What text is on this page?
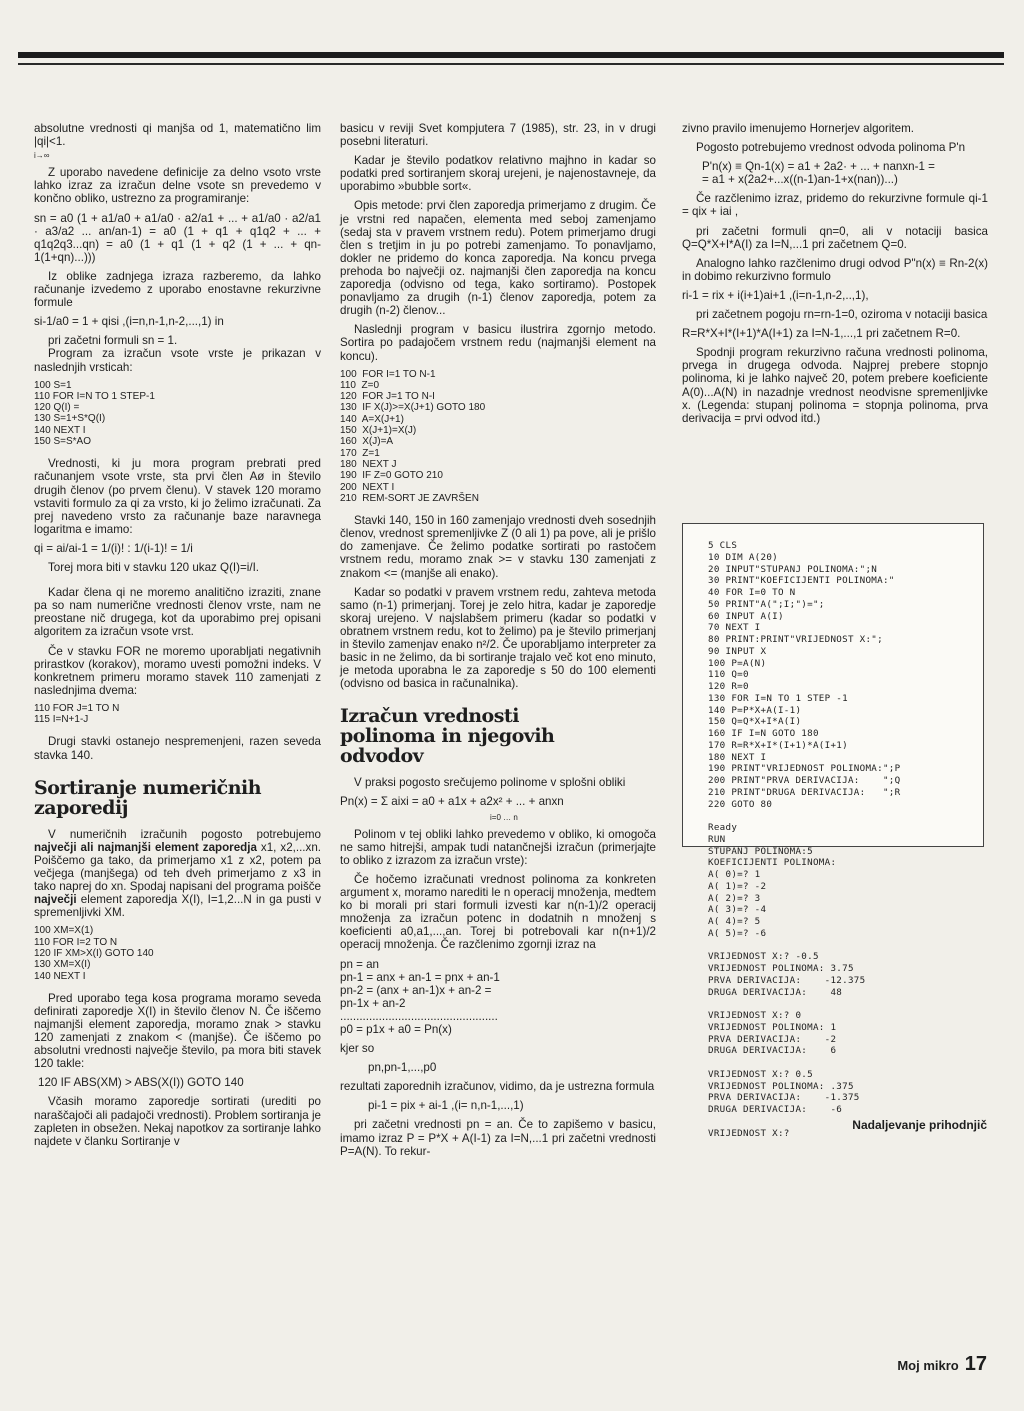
absolutne vrednosti qi manjša od 1, matematično lim |qi|<1.

i→∞

Z uporabo navedene definicije za delno vsoto vrste lahko izraz za izračun delne vsote sn prevedemo v končno obliko, ustrezno za programiranje:

sn = a0 (1 + a1/a0 + a1/a0 · a2/a1 + ... + a1/a0 · a2/a1 · a3/a2 ... an/an-1) = a0 (1 + q1 + q1q2 + ... + q1q2q3...qn) = a0 (1 + q1 (1 + q2 (1 + ... + qn-1(1+qn)...)))

Iz oblike zadnjega izraza razberemo, da lahko računanje izvedemo z uporabo enostavne rekurzivne formule

si-1/a0 = 1 + qisi ,(i=n,n-1,n-2,...,1) in

pri začetni formuli sn = 1.

Program za izračun vsote vrste je prikazan v naslednjih vrsticah:

100 S=1
110 FOR I=N TO 1 STEP-1
120 Q(I) =
130 S=1+S*Q(I)
140 NEXT I
150 S=S*AO

Vrednosti, ki ju mora program prebrati pred računanjem vsote vrste, sta prvi člen Aø in število drugih členov (po prvem členu). V stavek 120 moramo vstaviti formulo za qi za vrsto, ki jo želimo izračunati. Za prej navedeno vrsto za računanje baze naravnega logaritma e imamo:

qi = ai/ai-1 = 1/(i)! : 1/(i-1)! = 1/i

Torej mora biti v stavku 120 ukaz Q(I)=i/I.

Kadar člena qi ne moremo analitično izraziti, znane pa so nam numerične vrednosti členov vrste, nam ne preostane nič drugega, kot da uporabimo prej opisani algoritem za izračun vsote vrst.

Če v stavku FOR ne moremo uporabljati negativnih prirastkov (korakov), moramo uvesti pomožni indeks. V konkretnem primeru moramo stavek 110 zamenjati z naslednjima dvema:

110 FOR J=1 TO N
115 I=N+1-J

Drugi stavki ostanejo nespremenjeni, razen seveda stavka 140.

Sortiranje numeričnih zaporedij

V numeričnih izračunih pogosto potrebujemo največji ali najmanjši element zaporedja x1, x2,...xn. Poiščemo ga tako, da primerjamo x1 z x2, potem pa večjega (manjšega) od teh dveh primerjamo z x3 in tako naprej do xn. Spodaj napisani del programa poišče največji element zaporedja X(I), I=1,2...N in ga pusti v spremenljivki XM.

100 XM=X(1)
110 FOR I=2 TO N
120 IF XM>X(I) GOTO 140
130 XM=X(I)
140 NEXT I

Pred uporabo tega kosa programa moramo seveda definirati zaporedje X(I) in število členov N. Če iščemo najmanjši element zaporedja, moramo znak > stavku 120 zamenjati z znakom < (manjše). Če iščemo po absolutni vrednosti največje število, pa mora biti stavek 120 takle:

120 IF ABS(XM) > ABS(X(I)) GOTO 140

Včasih moramo zaporedje sortirati (urediti po naraščajoči ali padajoči vrednosti). Problem sortiranja je zapleten in obsežen. Nekaj napotkov za sortiranje lahko najdete v članku Sortiranje v

basicu v reviji Svet kompjutera 7 (1985), str. 23, in v drugi posebni literaturi.

Kadar je število podatkov relativno majhno in kadar so podatki pred sortiranjem skoraj urejeni, je najenostavneje, da uporabimo »bubble sort«.

Opis metode: prvi člen zaporedja primerjamo z drugim. Če je vrstni red napačen, elementa med seboj zamenjamo (sedaj sta v pravem vrstnem redu). Potem primerjamo drugi člen s tretjim in ju po potrebi zamenjamo. To ponavljamo, dokler ne pridemo do konca zaporedja. Na koncu prvega prehoda bo največji oz. najmanjši člen zaporedja na koncu zaporedja (odvisno od tega, kako sortiramo). Postopek ponavljamo za drugih (n-1) členov zaporedja, potem za drugih (n-2) členov...

Naslednji program v basicu ilustrira zgornjo metodo. Sortira po padajočem vrstnem redu (najmanjši element na koncu).

100  FOR I=1 TO N-1
110  Z=0
120  FOR J=1 TO N-I
130  IF X(J)>=X(J+1) GOTO 180
140  A=X(J+1)
150  X(J+1)=X(J)
160  X(J)=A
170  Z=1
180  NEXT J
190  IF Z=0 GOTO 210
200  NEXT I
210  REM-SORT JE ZAVRŠEN

Stavki 140, 150 in 160 zamenjajo vrednosti dveh sosednjih členov, vrednost spremenljivke Z (0 ali 1) pa pove, ali je prišlo do zamenjave. Če želimo podatke sortirati po rastočem vrstnem redu, moramo znak >= v stavku 130 zamenjati z znakom <= (manjše ali enako).

Kadar so podatki v pravem vrstnem redu, zahteva metoda samo (n-1) primerjanj. Torej je zelo hitra, kadar je zaporedje skoraj urejeno. V najslabšem primeru (kadar so podatki v obratnem vrstnem redu, kot to želimo) pa je število primerjanj in število zamenjav enako n²/2. Če uporabljamo interpreter za basic in ne želimo, da bi sortiranje trajalo več kot eno minuto, je metoda uporabna le za zaporedje s 50 do 100 elementi (odvisno od basica in računalnika).

Izračun vrednosti polinoma in njegovih odvodov

V praksi pogosto srečujemo polinome v splošni obliki

Pn(x) = Σ aixi = a0 + a1x + a2x² + ... + anxn

i=0 … n

Polinom v tej obliki lahko prevedemo v obliko, ki omogoča ne samo hitrejši, ampak tudi natančnejši izračun (primerjajte to obliko z izrazom za izračun vrste):

Če hočemo izračunati vrednost polinoma za konkreten argument x, moramo narediti le n operacij množenja, medtem ko bi morali pri stari formuli izvesti kar n(n-1)/2 operacij množenja za izračun potenc in dodatnih n množenj s koeficienti a0,a1,...,an. Torej bi potrebovali kar n(n+1)/2 operacij množenja. Če razčlenimo zgornji izraz na

pn = an
pn-1 = anx + an-1 = pnx + an-1
pn-2 = (anx + an-1)x + an-2 =
pn-1x + an-2
.................................................
p0 = p1x + a0 = Pn(x)

kjer so

pn,pn-1,...,p0

rezultati zaporednih izračunov, vidimo, da je ustrezna formula

pi-1 = pix + ai-1 ,(i= n,n-1,...,1)

pri začetni vrednosti pn = an. Če to zapišemo v basicu, imamo izraz P = P*X + A(I-1) za I=N,...1 pri začetni vrednosti P=A(N). To rekur-

zivno pravilo imenujemo Hornerjev algoritem.

Pogosto potrebujemo vrednost odvoda polinoma P'n

P'n(x) ≡ Qn-1(x) = a1 + 2a2· + ... + nanxn-1 =
= a1 + x(2a2+...x((n-1)an-1+x(nan))...)

Če razčlenimo izraz, pridemo do rekurzivne formule qi-1 = qix + iai ,

pri začetni formuli qn=0, ali v notaciji basica Q=Q*X+I*A(I) za I=N,...1 pri začetnem Q=0.

Analogno lahko razčlenimo drugi odvod P"n(x) ≡ Rn-2(x) in dobimo rekurzivno formulo

ri-1 = rix + i(i+1)ai+1 ,(i=n-1,n-2,..,1),

pri začetnem pogoju rn=rn-1=0, oziroma v notaciji basica

R=R*X+I*(I+1)*A(I+1) za I=N-1,...,1 pri začetnem R=0.

Spodnji program rekurzivno računa vrednosti polinoma, prvega in drugega odvoda. Najprej prebere stopnjo polinoma, ki je lahko največ 20, potem prebere koeficiente A(0)...A(N) in nazadnje vrednost neodvisne spremenljivke x. (Legenda: stupanj polinoma = stopnja polinoma, prva derivacija = prvi odvod itd.)

5 CLS
10 DIM A(20)
20 INPUT"STUPANJ POLINOMA:";N
30 PRINT"KOEFICIJENTI POLINOMA:"
40 FOR I=0 TO N
50 PRINT"A(";I;")=";
60 INPUT A(I)
70 NEXT I
80 PRINT:PRINT"VRIJEDNOST X:";
90 INPUT X
100 P=A(N)
110 Q=0
120 R=0
130 FOR I=N TO 1 STEP -1
140 P=P*X+A(I-1)
150 Q=Q*X+I*A(I)
160 IF I=N GOTO 180
170 R=R*X+I*(I+1)*A(I+1)
180 NEXT I
190 PRINT"VRIJEDNOST POLINOMA:";P
200 PRINT"PRVA DERIVACIJA:    ";Q
210 PRINT"DRUGA DERIVACIJA:   ";R
220 GOTO 80

Ready
RUN
STUPANJ POLINOMA:5
KOEFICIJENTI POLINOMA:
A( 0)=? 1
A( 1)=? -2
A( 2)=? 3
A( 3)=? -4
A( 4)=? 5
A( 5)=? -6

VRIJEDNOST X:? -0.5
VRIJEDNOST POLINOMA: 3.75
PRVA DERIVACIJA:    -12.375
DRUGA DERIVACIJA:    48

VRIJEDNOST X:? 0
VRIJEDNOST POLINOMA: 1
PRVA DERIVACIJA:    -2
DRUGA DERIVACIJA:    6

VRIJEDNOST X:? 0.5
VRIJEDNOST POLINOMA: .375
PRVA DERIVACIJA:    -1.375
DRUGA DERIVACIJA:    -6

VRIJEDNOST X:?
Nadaljevanje prihodnjič
Moj mikro 17
